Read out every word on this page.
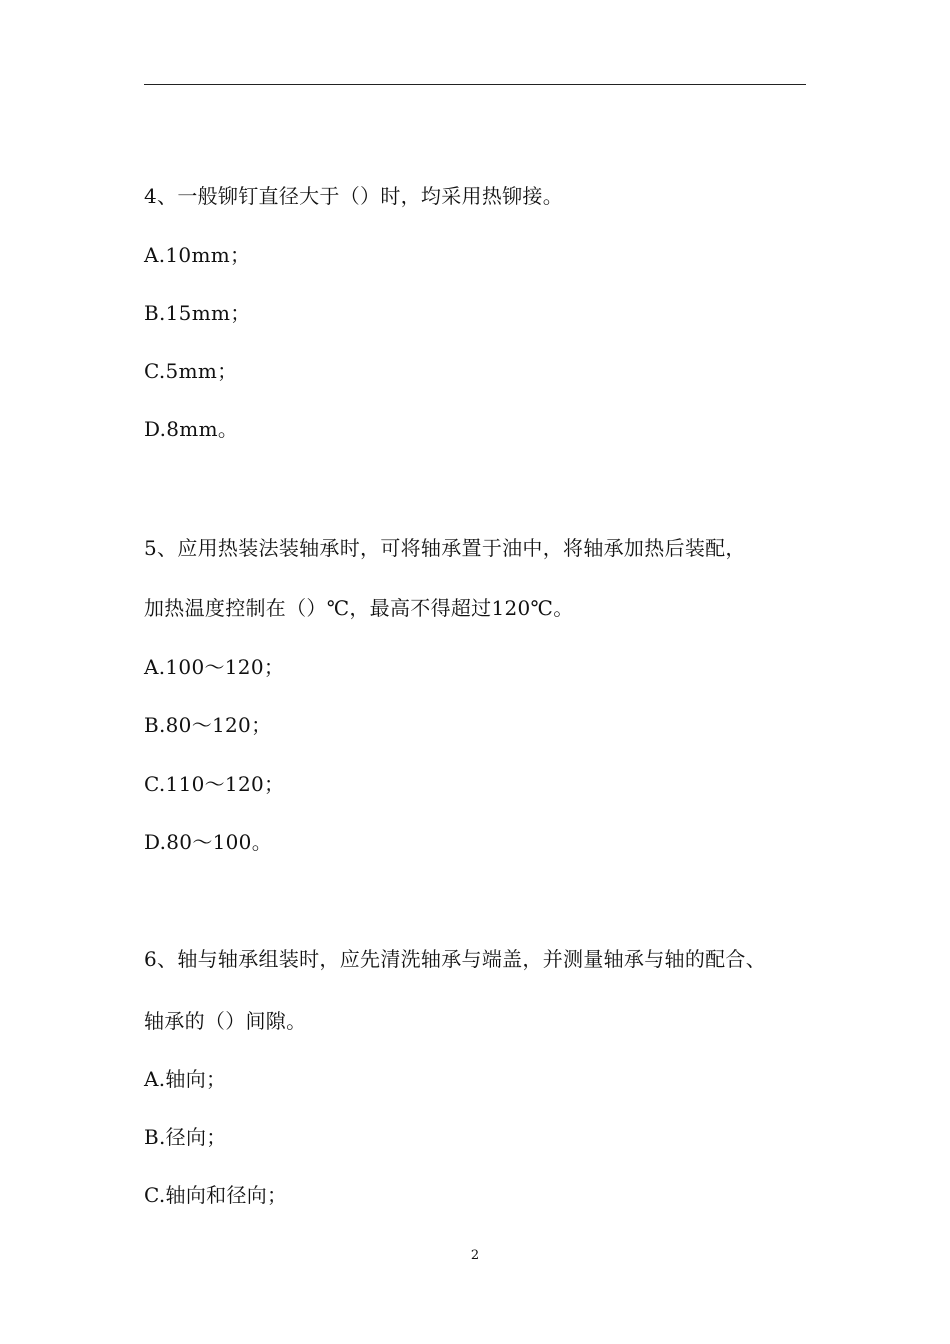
4、一般铆钉直径大于（）时，均采用热铆接。
A.10mm；
B.15mm；
C.5mm；
D.8mm。
5、应用热装法装轴承时，可将轴承置于油中，将轴承加热后装配，
加热温度控制在（）℃，最高不得超过120℃。
A.100～120；
B.80～120；
C.110～120；
D.80～100。
6、轴与轴承组装时，应先清洗轴承与端盖，并测量轴承与轴的配合、
轴承的（）间隙。
A.轴向；
B.径向；
C.轴向和径向；
2
